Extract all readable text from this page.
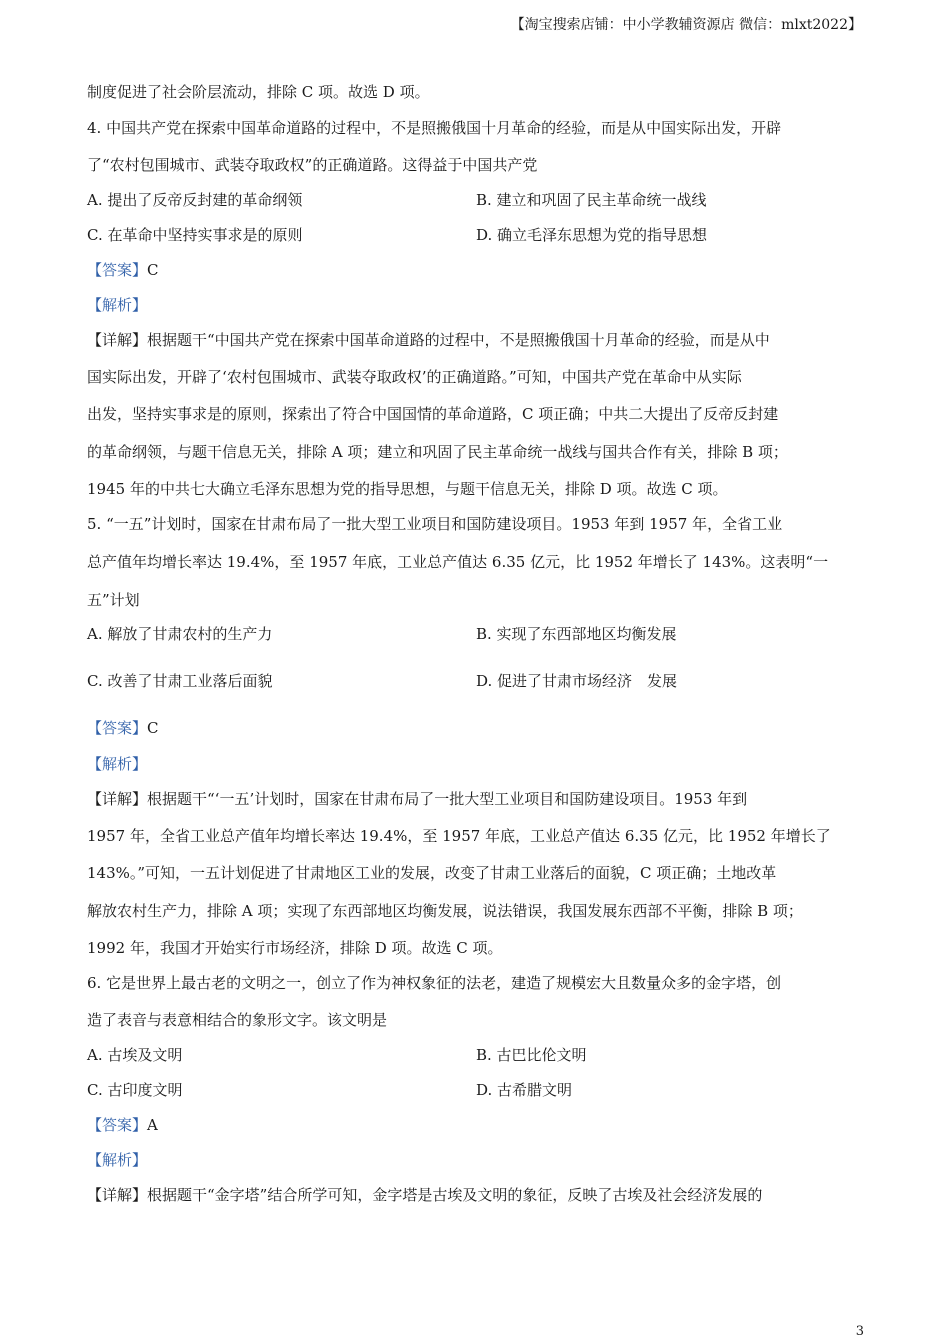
【淘宝搜索店铺：中小学教辅资源店 微信：mlxt2022】
制度促进了社会阶层流动，排除 C 项。故选 D 项。
4. 中国共产党在探索中国革命道路的过程中，不是照搬俄国十月革命的经验，而是从中国实际出发，开辟
了“农村包围城市、武装夺取政权”的正确道路。这得益于中国共产党
A. 提出了反帝反封建的革命纲领	B. 建立和巩固了民主革命统一战线
C. 在革命中坚持实事求是的原则	D. 确立毛泽东思想为党的指导思想
【答案】C
【解析】
【详解】根据题干“中国共产党在探索中国革命道路的过程中，不是照搬俄国十月革命的经验，而是从中
国实际出发，开辟了‘农村包围城市、武装夺取政权’的正确道路。”可知，中国共产党在革命中从实际
出发，坚持实事求是的原则，探索出了符合中国国情的革命道路，C 项正确；中共二大提出了反帝反封建
的革命纲领，与题干信息无关，排除 A 项；建立和巩固了民主革命统一战线与国共合作有关，排除 B 项；
1945 年的中共七大确立毛泽东思想为党的指导思想，与题干信息无关，排除 D 项。故选 C 项。
5. “一五”计划时，国家在甘肃布局了一批大型工业项目和国防建设项目。1953 年到 1957 年，全省工业
总产值年均增长率达 19.4%，至 1957 年底，工业总产值达 6.35 亿元，比 1952 年增长了 143%。这表明“一
五”计划
A. 解放了甘肃农村的生产力	B. 实现了东西部地区均衡发展
C. 改善了甘肃工业落后面貌	D. 促进了甘肃市场经济　发展
【答案】C
【解析】
【详解】根据题干“‘一五’计划时，国家在甘肃布局了一批大型工业项目和国防建设项目。1953 年到
1957 年，全省工业总产值年均增长率达 19.4%，至 1957 年底，工业总产值达 6.35 亿元，比 1952 年增长了
143%。”可知，一五计划促进了甘肃地区工业的发展，改变了甘肃工业落后的面貌，C 项正确；土地改革
解放农村生产力，排除 A 项；实现了东西部地区均衡发展，说法错误，我国发展东西部不平衡，排除 B 项；
1992 年，我国才开始实行市场经济，排除 D 项。故选 C 项。
6. 它是世界上最古老的文明之一，创立了作为神权象征的法老，建造了规模宏大且数量众多的金字塔，创
造了表音与表意相结合的象形文字。该文明是
A. 古埃及文明	B. 古巴比伦文明
C. 古印度文明	D. 古希腊文明
【答案】A
【解析】
【详解】根据题干“金字塔”结合所学可知，金字塔是古埃及文明的象征，反映了古埃及社会经济发展的
3
